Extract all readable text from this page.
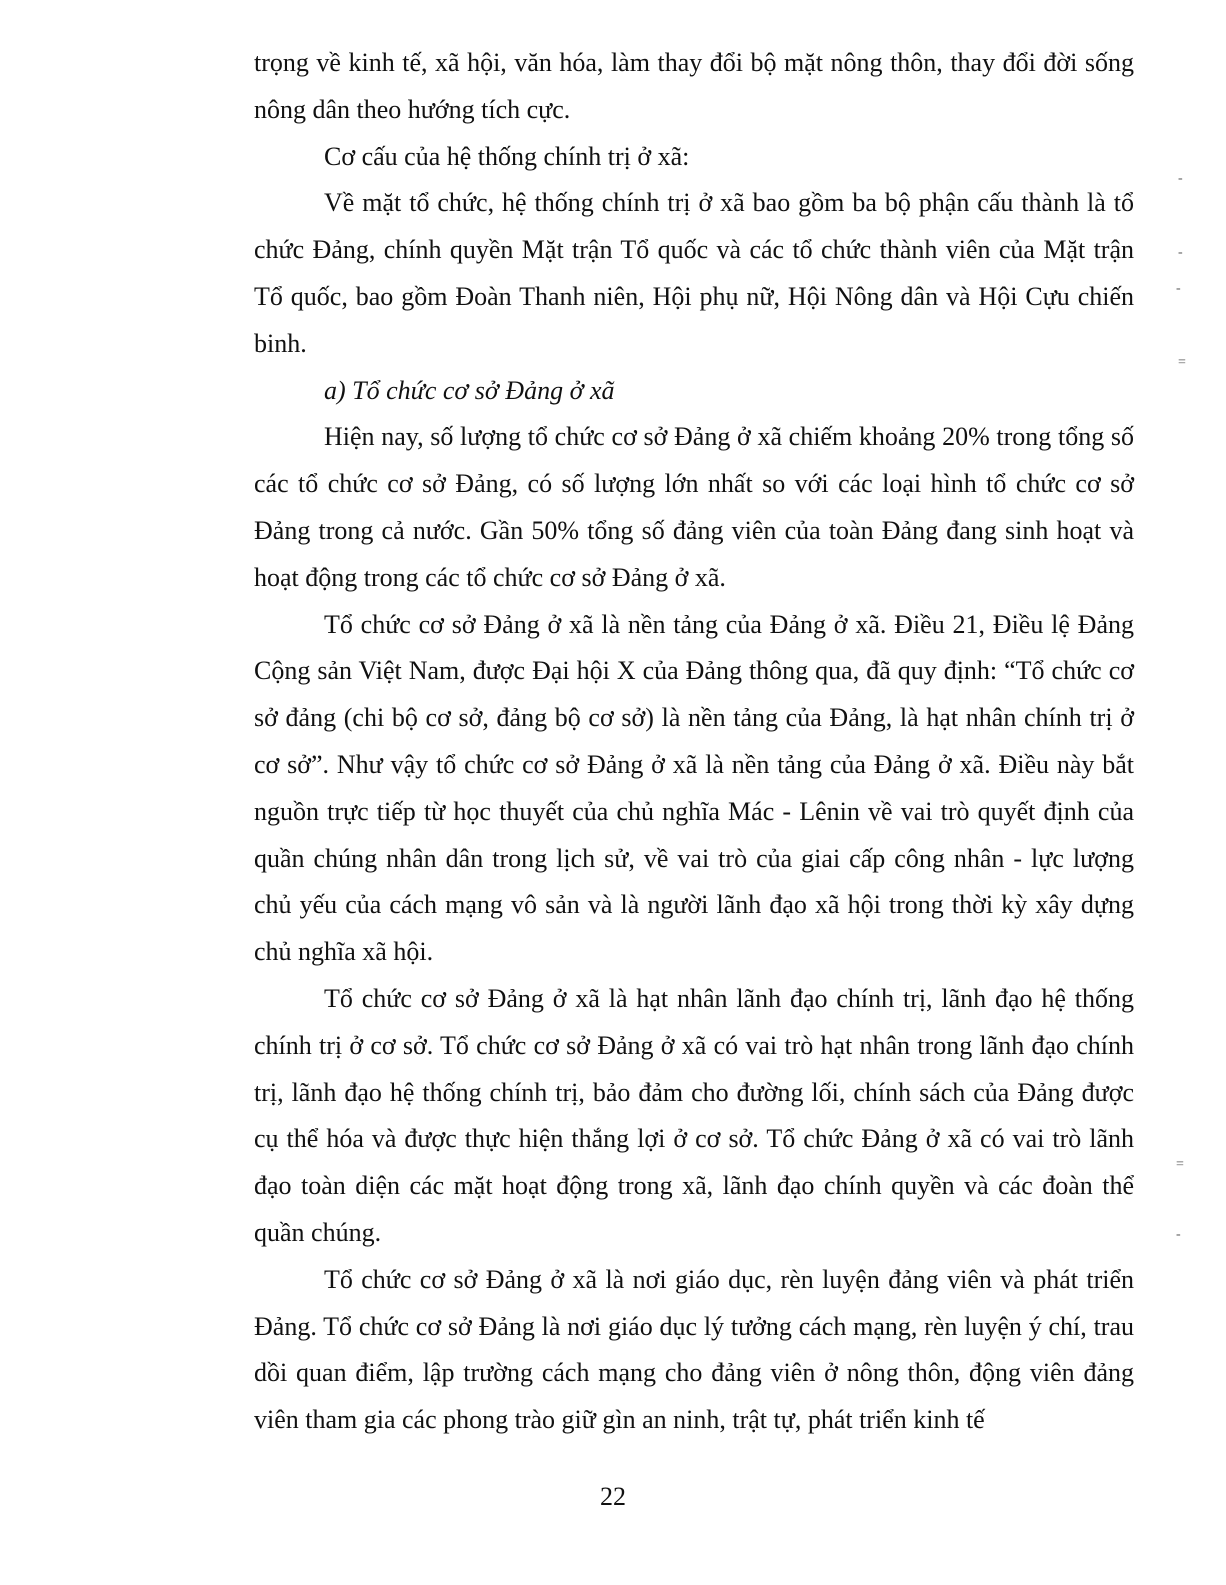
trọng về kinh tế, xã hội, văn hóa, làm thay đổi bộ mặt nông thôn, thay đổi đời sống nông dân theo hướng tích cực.

Cơ cấu của hệ thống chính trị ở xã:

Về mặt tổ chức, hệ thống chính trị ở xã bao gồm ba bộ phận cấu thành là tổ chức Đảng, chính quyền Mặt trận Tổ quốc và các tổ chức thành viên của Mặt trận Tổ quốc, bao gồm Đoàn Thanh niên, Hội phụ nữ, Hội Nông dân và Hội Cựu chiến binh.

a) Tổ chức cơ sở Đảng ở xã

Hiện nay, số lượng tổ chức cơ sở Đảng ở xã chiếm khoảng 20% trong tổng số các tổ chức cơ sở Đảng, có số lượng lớn nhất so với các loại hình tổ chức cơ sở Đảng trong cả nước. Gần 50% tổng số đảng viên của toàn Đảng đang sinh hoạt và hoạt động trong các tổ chức cơ sở Đảng ở xã.

Tổ chức cơ sở Đảng ở xã là nền tảng của Đảng ở xã. Điều 21, Điều lệ Đảng Cộng sản Việt Nam, được Đại hội X của Đảng thông qua, đã quy định: “Tổ chức cơ sở đảng (chi bộ cơ sở, đảng bộ cơ sở) là nền tảng của Đảng, là hạt nhân chính trị ở cơ sở”. Như vậy tổ chức cơ sở Đảng ở xã là nền tảng của Đảng ở xã. Điều này bắt nguồn trực tiếp từ học thuyết của chủ nghĩa Mác - Lênin về vai trò quyết định của quần chúng nhân dân trong lịch sử, về vai trò của giai cấp công nhân - lực lượng chủ yếu của cách mạng vô sản và là người lãnh đạo xã hội trong thời kỳ xây dựng chủ nghĩa xã hội.

Tổ chức cơ sở Đảng ở xã là hạt nhân lãnh đạo chính trị, lãnh đạo hệ thống chính trị ở cơ sở. Tổ chức cơ sở Đảng ở xã có vai trò hạt nhân trong lãnh đạo chính trị, lãnh đạo hệ thống chính trị, bảo đảm cho đường lối, chính sách của Đảng được cụ thể hóa và được thực hiện thắng lợi ở cơ sở. Tổ chức Đảng ở xã có vai trò lãnh đạo toàn diện các mặt hoạt động trong xã, lãnh đạo chính quyền và các đoàn thể quần chúng.

Tổ chức cơ sở Đảng ở xã là nơi giáo dục, rèn luyện đảng viên và phát triển Đảng. Tổ chức cơ sở Đảng là nơi giáo dục lý tưởng cách mạng, rèn luyện ý chí, trau dồi quan điểm, lập trường cách mạng cho đảng viên ở nông thôn, động viên đảng viên tham gia các phong trào giữ gìn an ninh, trật tự, phát triển kinh tế

22
-
-
-
=
=
-
